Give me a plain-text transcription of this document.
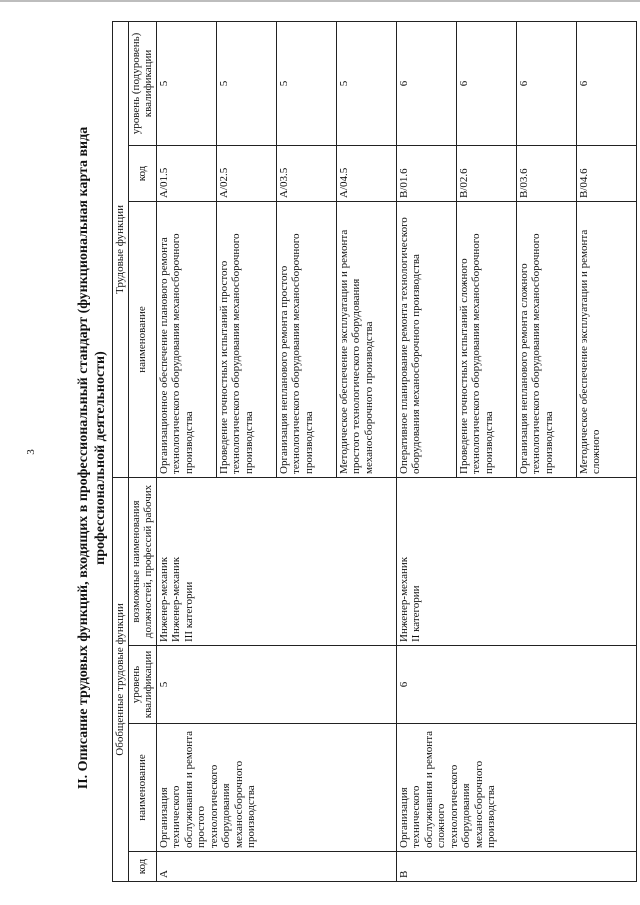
3	II. Описание трудовых функций, входящих в профессиональный стандарт (функциональная карта вида профессиональной деятельности)
Обобщенные трудовые функции				Трудовые функции		
код	наименование	уровень квалификации	возможные наименования должностей, профессий рабочих	наименование	код	уровень (подуровень) квалификации
A	Организация технического обслуживания и ремонта простого технологического оборудования механосборочного производства	5	Инженер-механик Инженер-механик III категории	Организационное обеспечение планового ремонта технологического оборудования механосборочного производства	A/01.5	5
				Проведение точностных испытаний простого технологического оборудования механосборочного производства	A/02.5	5
				Организация непланового ремонта простого технологического оборудования механосборочного производства	A/03.5	5
				Методическое обеспечение эксплуатации и ремонта простого технологического оборудования механосборочного производства	A/04.5	5
B	Организация технического обслуживания и ремонта сложного технологического оборудования механосборочного производства	6	Инженер-механик II категории	Оперативное планирование ремонта технологического оборудования механосборочного производства	B/01.6	6
				Проведение точностных испытаний сложного технологического оборудования механосборочного производства	B/02.6	6
				Организация непланового ремонта сложного технологического оборудования механосборочного производства	B/03.6	6
				Методическое обеспечение эксплуатации и ремонта сложного	B/04.6	6
